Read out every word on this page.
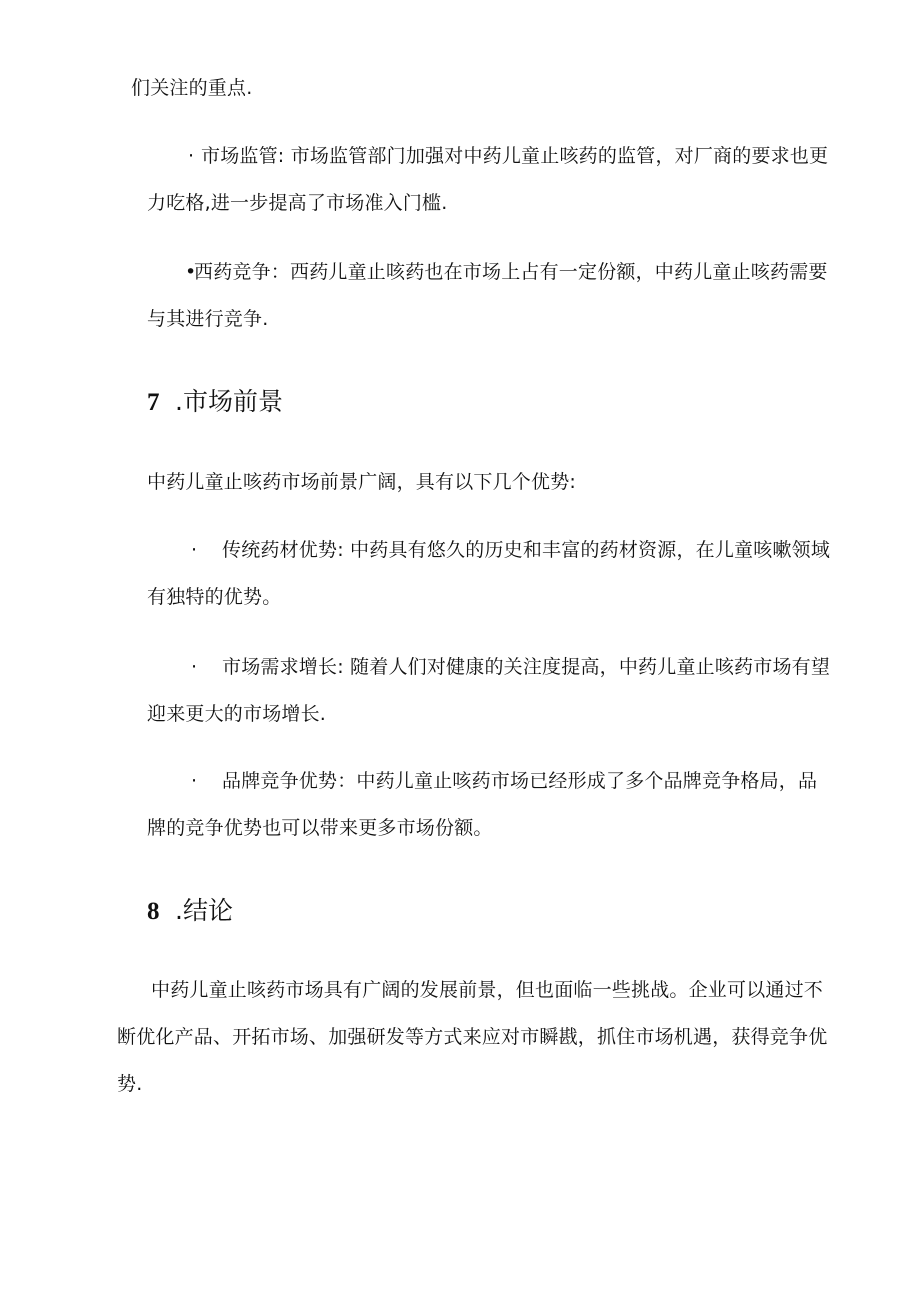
们关注的重点.
· 市场监管: 市场监管部门加强对中药儿童止咳药的监管，对厂商的要求也更
力吃格,进一步提高了市场准入门槛.
•
西药竞争：西药儿童止咳药也在市场上占有一定份额，中药儿童止咳药需要
与其进行竞争.
7 .市场前景
中药儿童止咳药市场前景广阔，具有以下几个优势:
· 传统药材优势: 中药具有悠久的历史和丰富的药材资源，在儿童咳嗽领域
有独特的优势。
· 市场需求增长: 随着人们对健康的关注度提高，中药儿童止咳药市场有望
迎来更大的市场增长.
· 品牌竞争优势：中药儿童止咳药市场已经形成了多个品牌竞争格局，品
牌的竞争优势也可以带来更多市场份额。
8 .结论
中药儿童止咳药市场具有广阔的发展前景，但也面临一些挑战。企业可以通过不
断优化产品、开拓市场、加强研发等方式来应对市瞬戡，抓住市场机遇，获得竞争优
势.
